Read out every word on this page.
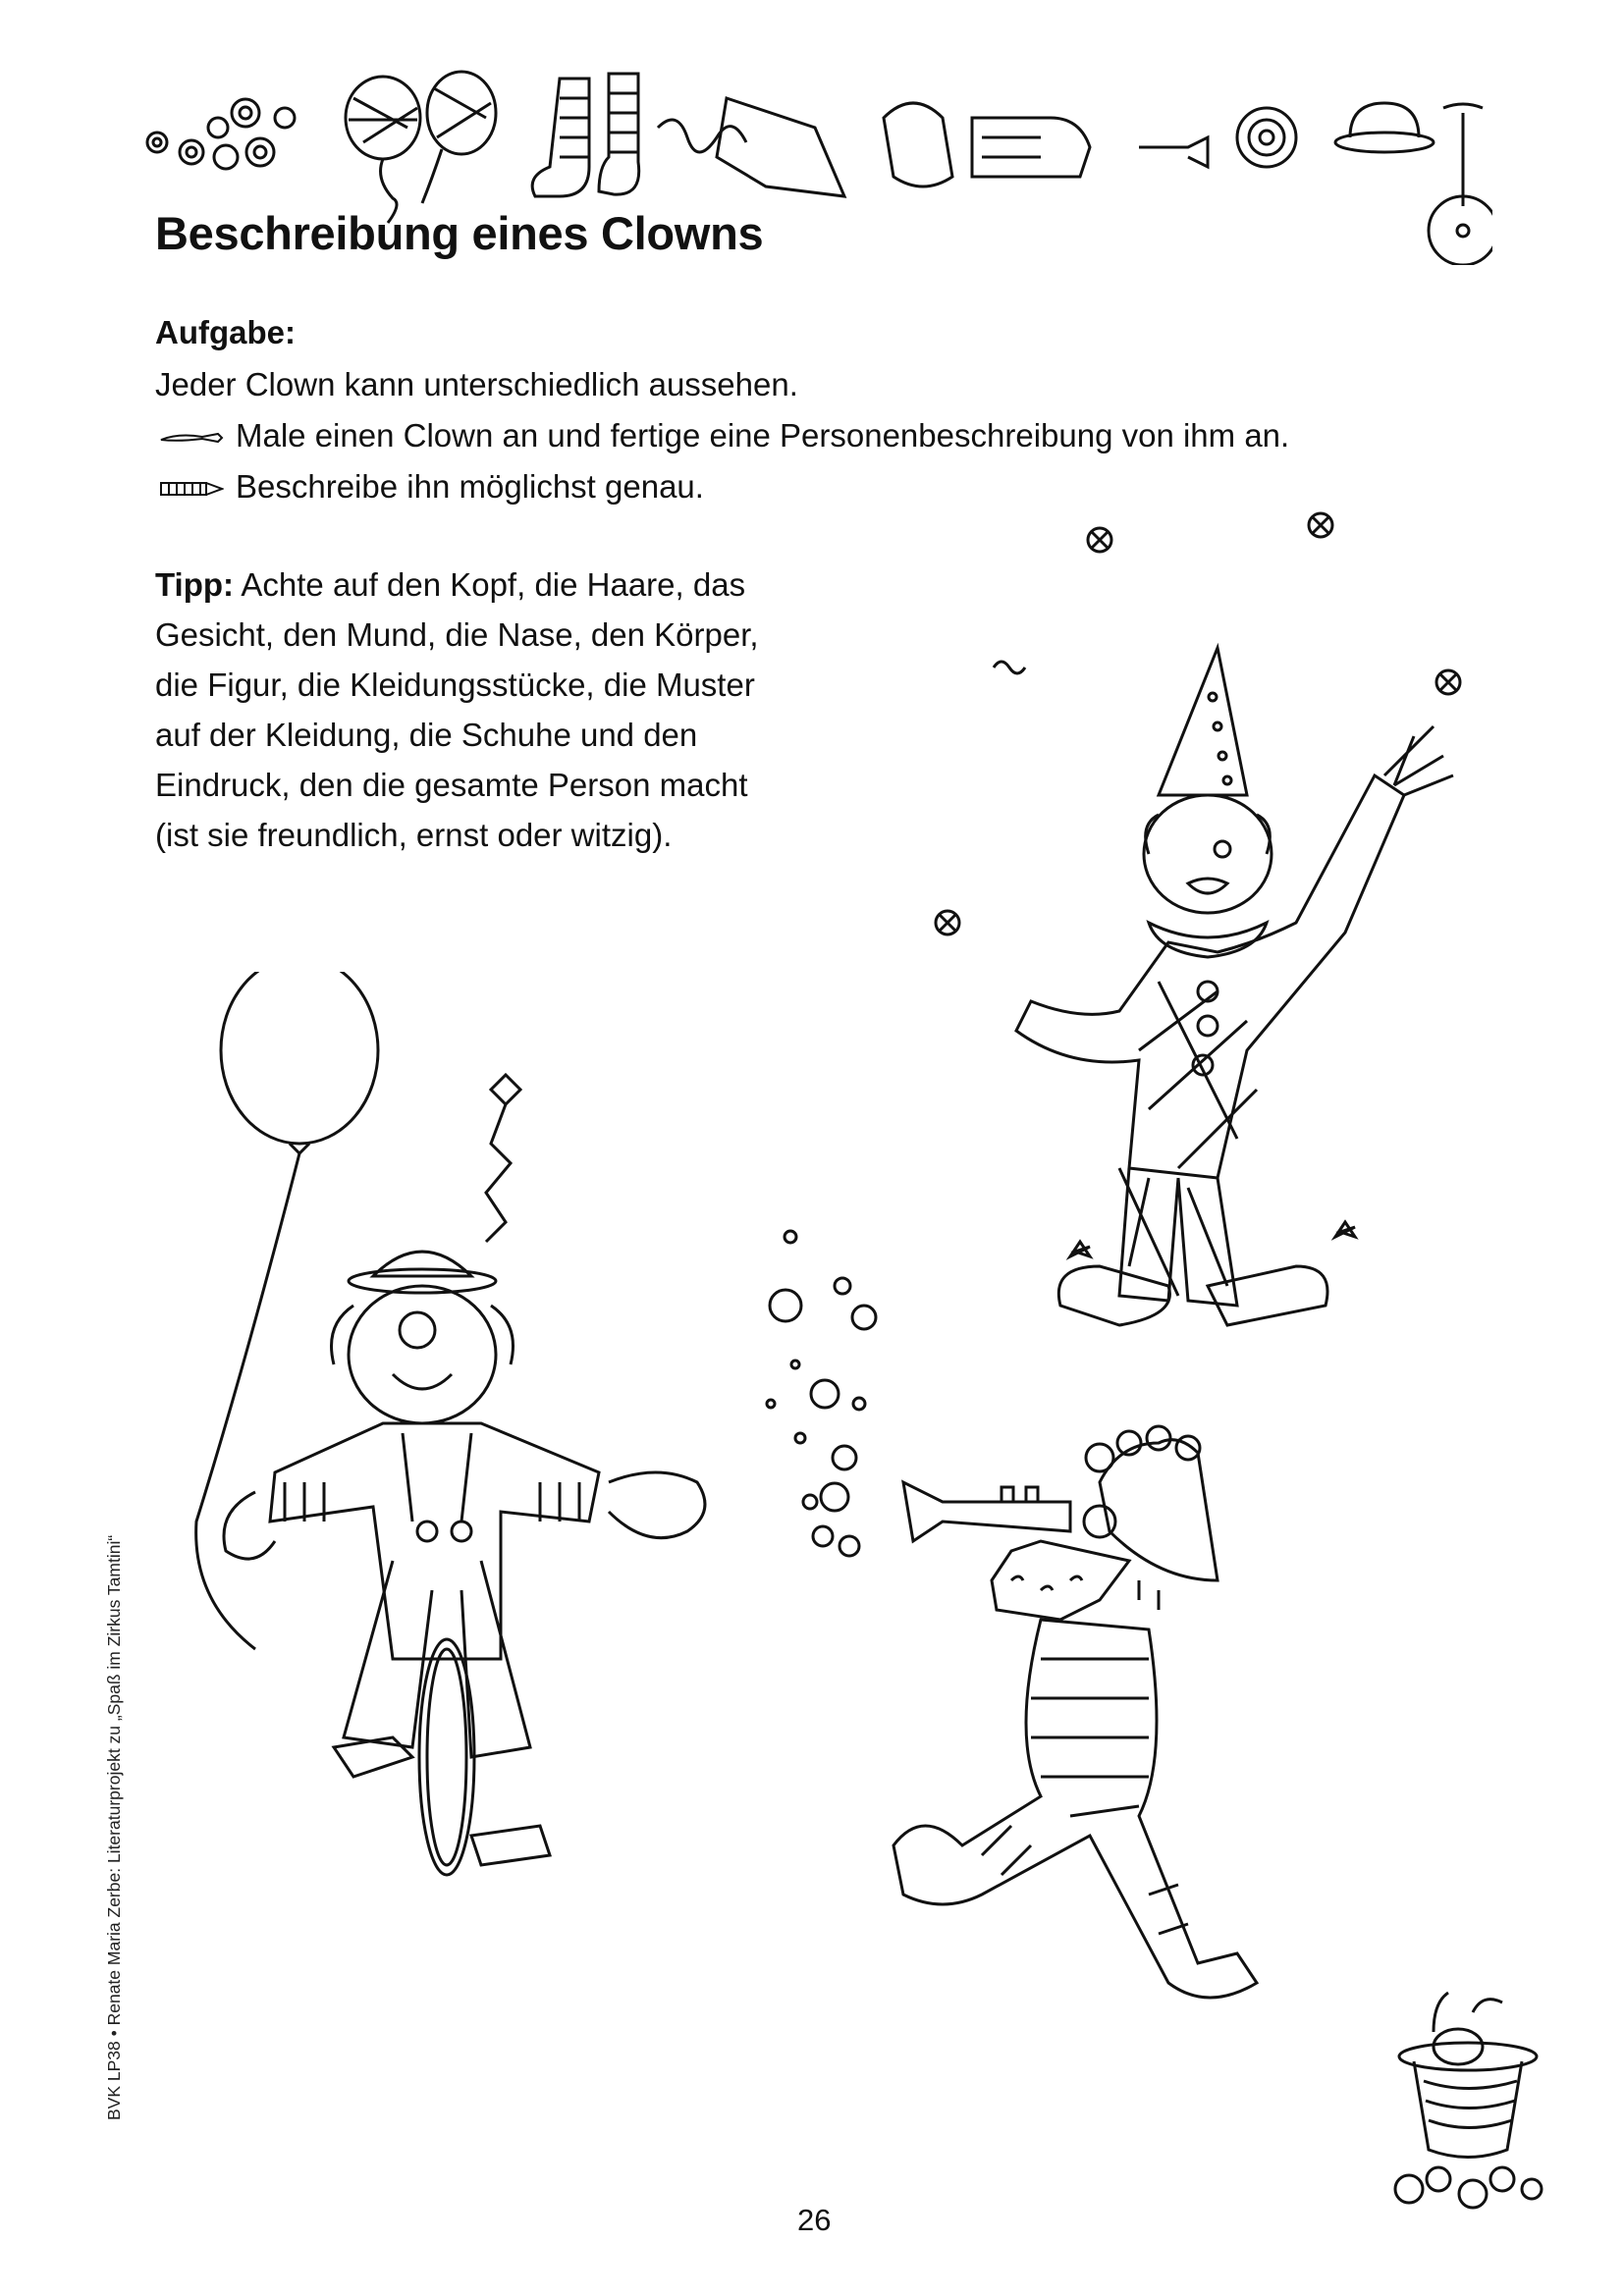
Beschreibung eines Clowns
Aufgabe:
Jeder Clown kann unterschiedlich aussehen.
Male einen Clown an und fertige eine Personenbeschreibung von ihm an.
Beschreibe ihn möglichst genau.
Tipp: Achte auf den Kopf, die Haare, das Gesicht, den Mund, die Nase, den Körper, die Figur, die Kleidungsstücke, die Muster auf der Kleidung, die Schuhe und den Eindruck, den die gesamte Person macht (ist sie freundlich, ernst oder witzig).
BVK LP38 • Renate Maria Zerbe: Literaturprojekt zu „Spaß im Zirkus Tamtini“
26
